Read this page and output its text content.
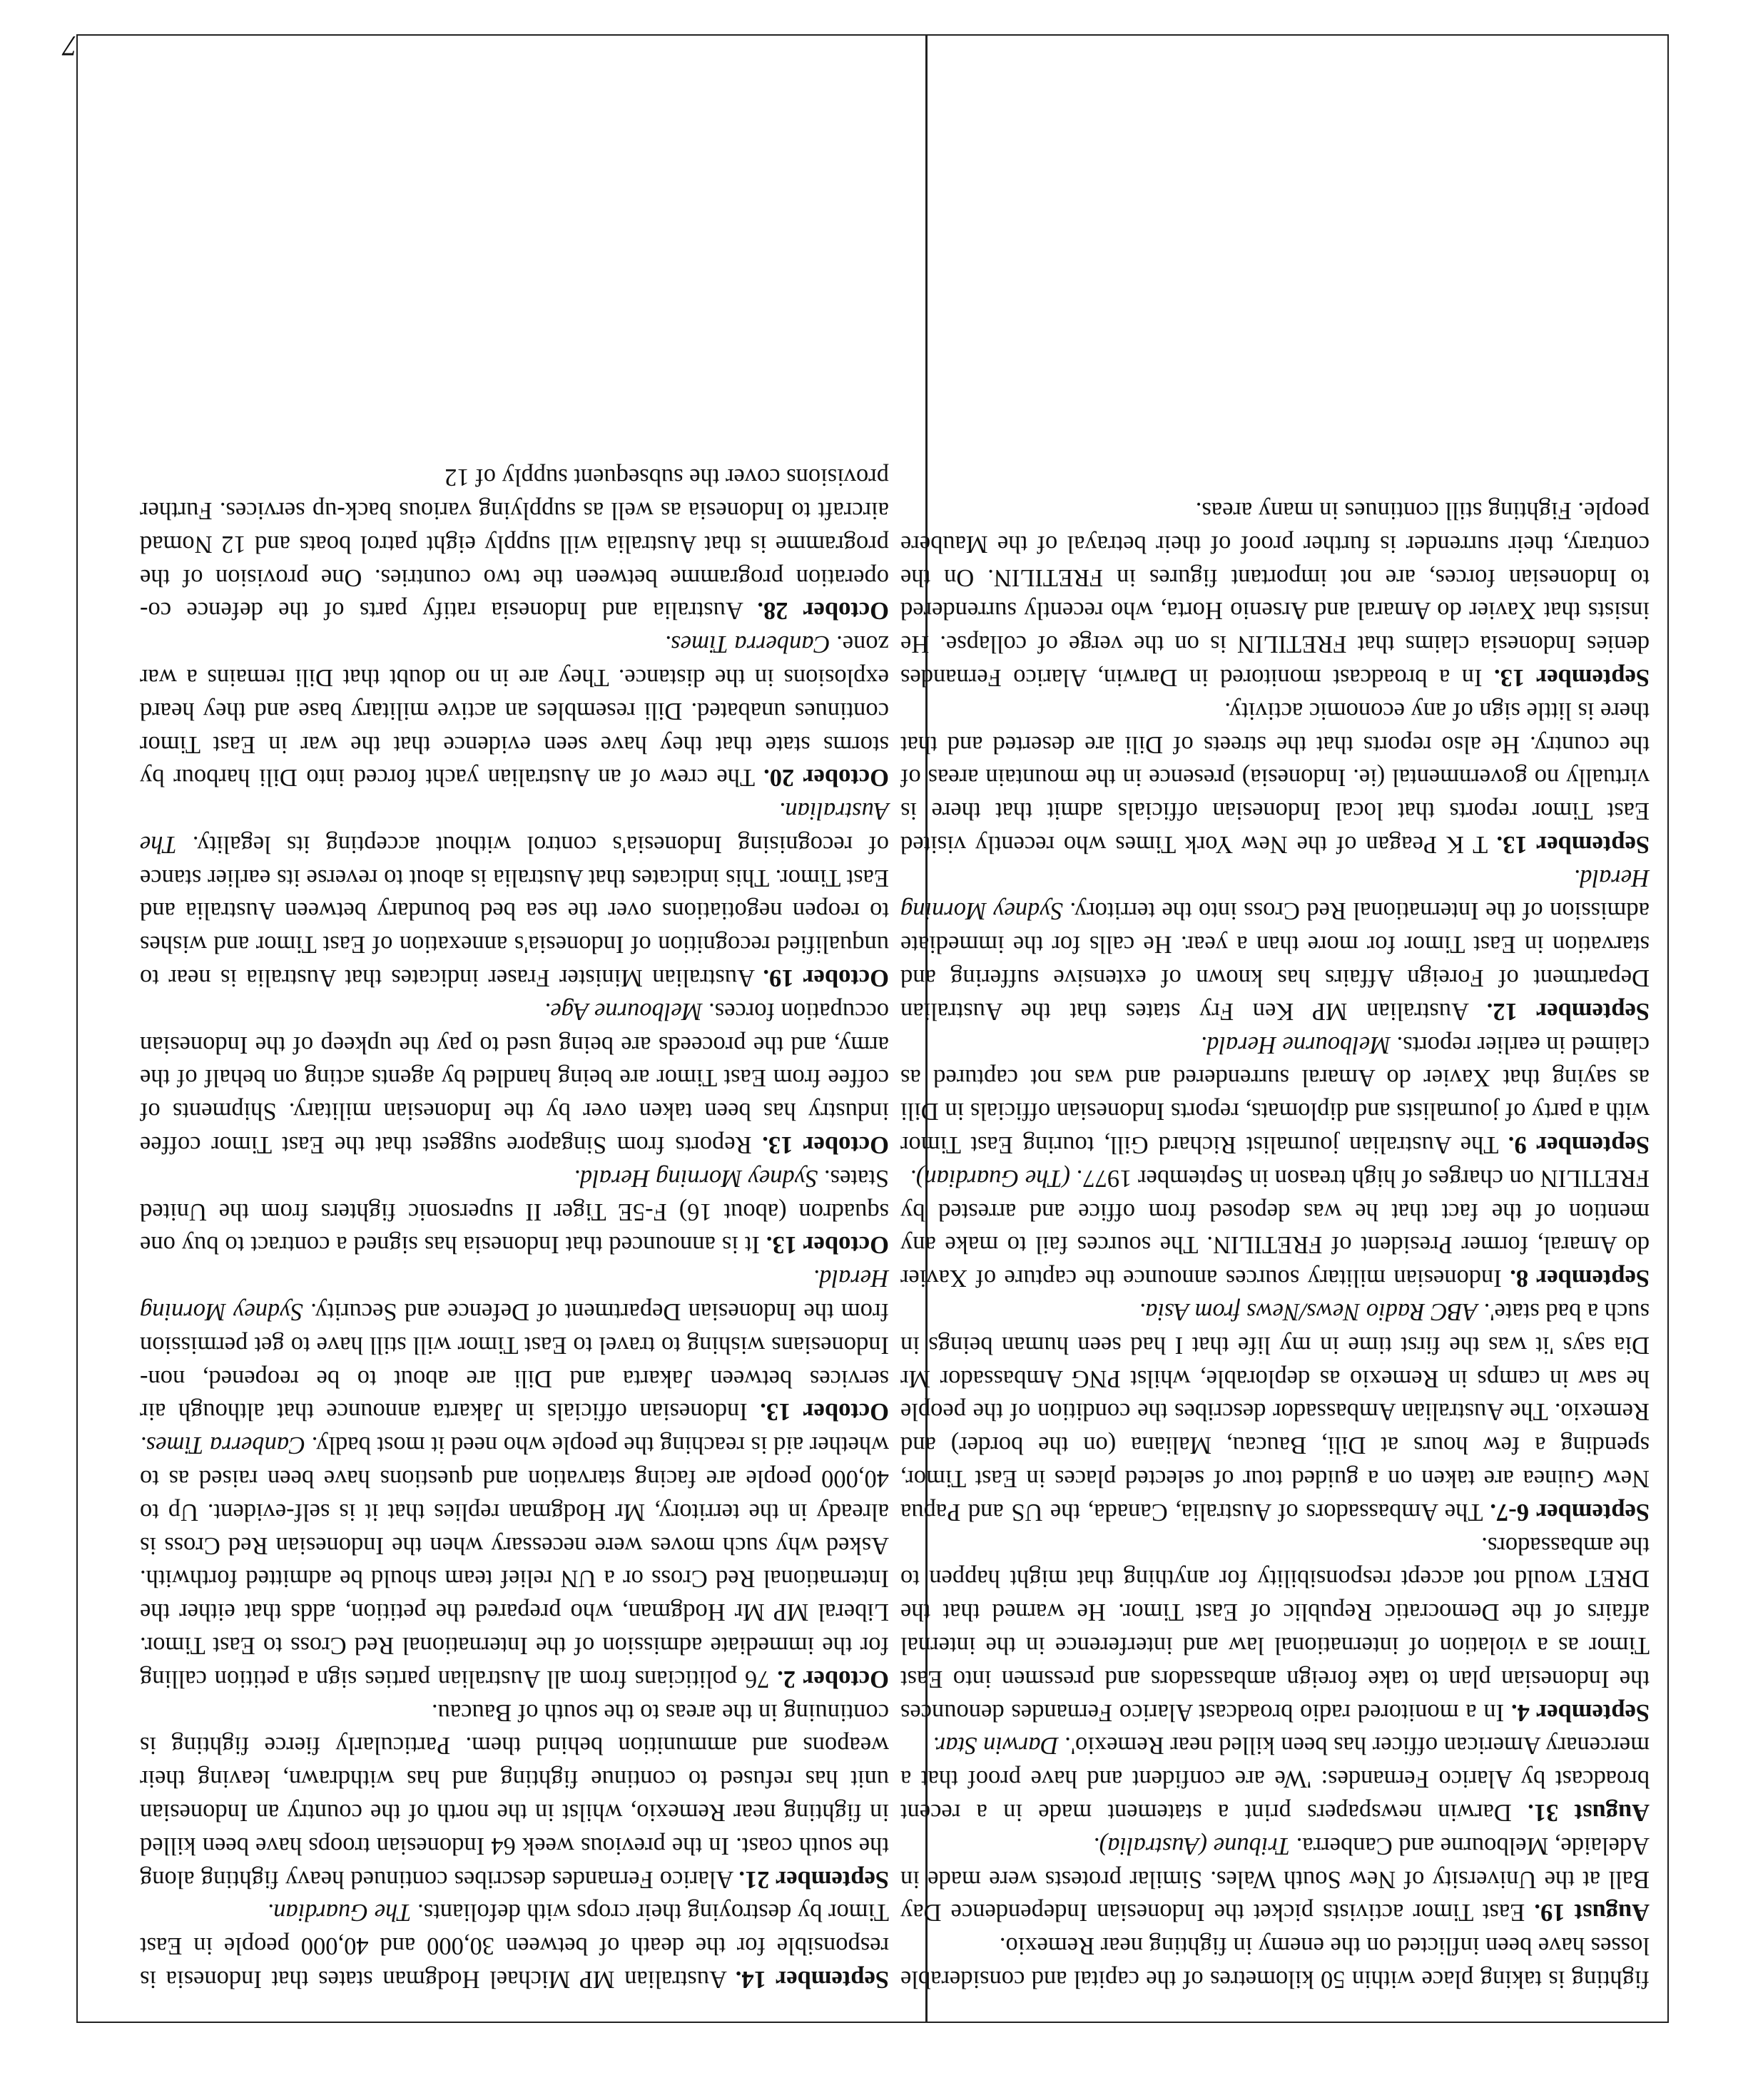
fighting is taking place within 50 kilometres of the capital and considerable losses have been inflicted on the enemy in fighting near Remexio.

August 19. East Timor activists picket the Indonesian Independence Day Ball at the University of New South Wales. Similar protests were made in Adelaide, Melbourne and Canberra. Tribune (Australia).

August 31. Darwin newspapers print a statement made in a recent broadcast by Alarico Fernandes: 'We are confident and have proof that a mercenary American officer has been killed near Remexio'. Darwin Star.

September 4. In a monitored radio broadcast Alarico Fernandes denounces the Indonesian plan to take foreign ambassadors and pressmen into East Timor as a violation of international law and interference in the internal affairs of the Democratic Republic of East Timor. He warned that the DRET would not accept responsibility for anything that might happen to the ambassadors.

September 6-7. The Ambassadors of Australia, Canada, the US and Papua New Guinea are taken on a guided tour of selected places in East Timor, spending a few hours at Dili, Baucau, Maliana (on the border) and Remexio. The Australian Ambassador describes the condition of the people he saw in camps in Remexio as deplorable, whilst PNG Ambassador Mr Dia says 'it was the first time in my life that I had seen human beings in such a bad state'. ABC Radio News/News from Asia.

September 8. Indonesian military sources announce the capture of Xavier do Amaral, former President of FRETILIN. The sources fail to make any mention of the fact that he was deposed from office and arrested by FRETILIN on charges of high treason in September 1977. (The Guardian).

September 9. The Australian journalist Richard Gill, touring East Timor with a party of journalists and diplomats, reports Indonesian officials in Dili as saying that Xavier do Amaral surrendered and was not captured as claimed in earlier reports. Melbourne Herald.

September 12. Australian MP Ken Fry states that the Australian Department of Foreign Affairs has known of extensive suffering and starvation in East Timor for more than a year. He calls for the immediate admission of the International Red Cross into the territory. Sydney Morning Herald.

September 13. T K Peagan of the New York Times who recently visited East Timor reports that local Indonesian officials admit that there is virtually no governmental (ie. Indonesia) presence in the mountain areas of the country. He also reports that the streets of Dili are deserted and that there is little sign of any economic activity.

September 13. In a broadcast monitored in Darwin, Alarico Fernandes denies Indonesia claims that FRETILIN is on the verge of collapse. He insists that Xavier do Amaral and Arsenio Horta, who recently surrendered to Indonesian forces, are not important figures in FRETILIN. On the contrary, their surrender is further proof of their betrayal of the Maubere people. Fighting still continues in many areas.

September 14. Australian MP Michael Hodgman states that Indonesia is responsible for the death of between 30,000 and 40,000 people in East Timor by destroying their crops with defoliants. The Guardian.

September 21. Alarico Fernandes describes continued heavy fighting along the south coast. In the previous week 64 Indonesian troops have been killed in fighting near Remexio, whilst in the north of the country an Indonesian unit has refused to continue fighting and has withdrawn, leaving their weapons and ammunition behind them. Particularly fierce fighting is continuing in the areas to the south of Baucau.

October 2. 76 politicians from all Australian parties sign a petition calling for the immediate admission of the International Red Cross to East Timor. Liberal MP Mr Hodgman, who prepared the petition, adds that either the International Red Cross or a UN relief team should be admitted forthwith. Asked why such moves were necessary when the Indonesian Red Cross is already in the territory, Mr Hodgman replies that it is self-evident. Up to 40,000 people are facing starvation and questions have been raised as to whether aid is reaching the people who need it most badly. Canberra Times.

October 13. Indonesian officials in Jakarta announce that although air services between Jakarta and Dili are about to be reopened, non-Indonesians wishing to travel to East Timor will still have to get permission from the Indonesian Department of Defence and Security. Sydney Morning Herald.

October 13. It is announced that Indonesia has signed a contract to buy one squadron (about 16) F-5E Tiger II supersonic fighters from the United States. Sydney Morning Herald.

October 13. Reports from Singapore suggest that the East Timor coffee industry has been taken over by the Indonesian military. Shipments of coffee from East Timor are being handled by agents acting on behalf of the army, and the proceeds are being used to pay the upkeep of the Indonesian occupation forces. Melbourne Age.

October 19. Australian Minister Fraser indicates that Australia is near to unqualified recognition of Indonesia's annexation of East Timor and wishes to reopen negotiations over the sea bed boundary between Australia and East Timor. This indicates that Australia is about to reverse its earlier stance of recognising Indonesia's control without accepting its legality. The Australian.

October 20. The crew of an Australian yacht forced into Dili harbour by storms state that they have seen evidence that the war in East Timor continues unabated. Dili resembles an active military base and they heard explosions in the distance. They are in no doubt that Dili remains a war zone. Canberra Times.

October 28. Australia and Indonesia ratify parts of the defence co-operation programme between the two countries. One provision of the programme is that Australia will supply eight patrol boats and 12 Nomad aircraft to Indonesia as well as supplying various back-up services. Further provisions cover the subsequent supply of 12

7
